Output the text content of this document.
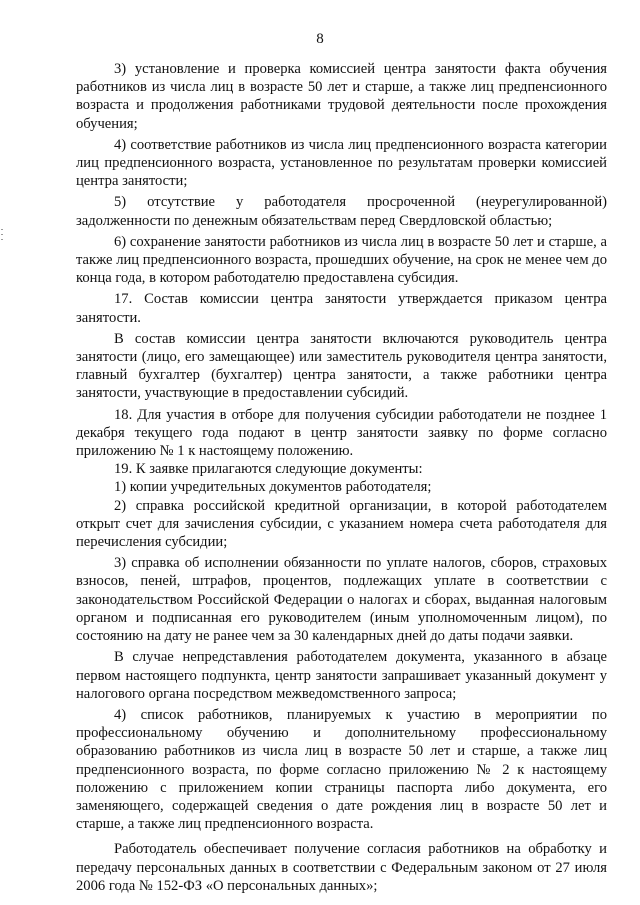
8

3) установление и проверка комиссией центра занятости факта обучения работников из числа лиц в возрасте 50 лет и старше, а также лиц предпенсионного возраста и продолжения работниками трудовой деятельности после прохождения обучения;

4) соответствие работников из числа лиц предпенсионного возраста категории лиц предпенсионного возраста, установленное по результатам проверки комиссией центра занятости;

5) отсутствие у работодателя просроченной (неурегулированной) задолженности по денежным обязательствам перед Свердловской областью;

6) сохранение занятости работников из числа лиц в возрасте 50 лет и старше, а также лиц предпенсионного возраста, прошедших обучение, на срок не менее чем до конца года, в котором работодателю предоставлена субсидия.

17. Состав комиссии центра занятости утверждается приказом центра занятости.

В состав комиссии центра занятости включаются руководитель центра занятости (лицо, его замещающее) или заместитель руководителя центра занятости, главный бухгалтер (бухгалтер) центра занятости, а также работники центра занятости, участвующие в предоставлении субсидий.

18. Для участия в отборе для получения субсидии работодатели не позднее 1 декабря текущего года подают в центр занятости заявку по форме согласно приложению № 1 к настоящему положению.

19. К заявке прилагаются следующие документы:

1) копии учредительных документов работодателя;

2) справка российской кредитной организации, в которой работодателем открыт счет для зачисления субсидии, с указанием номера счета работодателя для перечисления субсидии;

3) справка об исполнении обязанности по уплате налогов, сборов, страховых взносов, пеней, штрафов, процентов, подлежащих уплате в соответствии с законодательством Российской Федерации о налогах и сборах, выданная налоговым органом и подписанная его руководителем (иным уполномоченным лицом), по состоянию на дату не ранее чем за 30 календарных дней до даты подачи заявки.

В случае непредставления работодателем документа, указанного в абзаце первом настоящего подпункта, центр занятости запрашивает указанный документ у налогового органа посредством межведомственного запроса;

4) список работников, планируемых к участию в мероприятии по профессиональному обучению и дополнительному профессиональному образованию работников из числа лиц в возрасте 50 лет и старше, а также лиц предпенсионного возраста, по форме согласно приложению № 2 к настоящему положению с приложением копии страницы паспорта либо документа, его заменяющего, содержащей сведения о дате рождения лиц в возрасте 50 лет и старше, а также лиц предпенсионного возраста.

Работодатель обеспечивает получение согласия работников на обработку и передачу персональных данных в соответствии с Федеральным законом от 27 июля 2006 года № 152-ФЗ «О персональных данных»;
